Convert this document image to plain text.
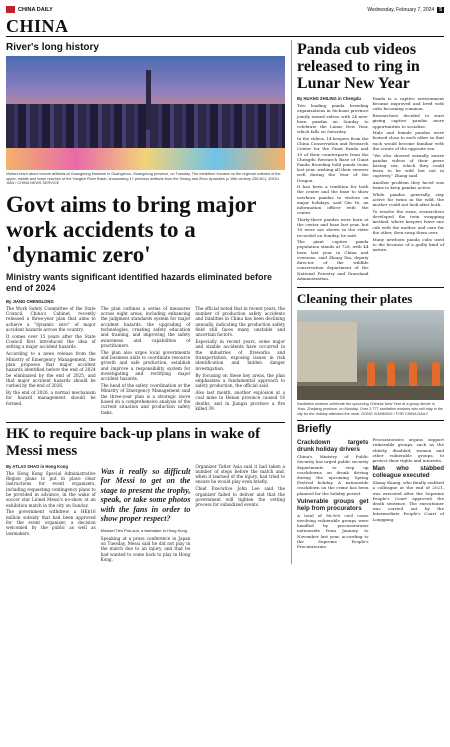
CHINA DAILY	Wednesday, February 7, 2024	5
CHINA
River's long history
Visitors learn about bronze artifacts at Guangdong Museum in Guangzhou, Guangdong province, on Tuesday. The exhibition focuses on the regional cultures of the upper, middle and lower reaches of the Yangtze River Basin, showcasing 17 precious artifacts from the Shang and Zhou dynasties (c 16th century-256 BC). ZHOU JIAN / CHINA NEWS SERVICE
Govt aims to bring major work accidents to a 'dynamic zero'
Ministry wants significant identified hazards eliminated before end of 2024
By JIANG CHENGLONG

The Work Safety Committee of the State Council, China's Cabinet, recently released a three-year plan that aims to achieve a "dynamic zero" of major accident hazards across the country.

It comes over 15 years after the State Council first introduced the idea of setting a major accident hazards.

According to a news release from the Ministry of Emergency Management, the plan proposes that major accident hazards identified before the end of 2024 be eliminated by the end of 2025, and that major accident hazards should be curbed by the end of 2026.

By the end of 2026, a normal mechanism for hazard management should be formed.

The plan outlines a series of measures across eight areas, including enhancing the judgment standards system for major accident hazards, the upgrading of technologies, creating safety education and training, and improving the safety awareness and capabilities of practitioners.

The plan also urges local governments and business units to coordinate resource growth and safe production, establish and improve a responsibility system for investigating and rectifying major accident hazards.

The head of the safety coordination at the Ministry of Emergency Management said the three-year plan is a strategic move based on a comprehensive analysis of the current situation and production safety tasks.

The official noted that in recent years, the number of production safety accidents and fatalities in China has been declining annually, indicating the production safety field still faces many unstable and uncertain factors.

Especially in recent years, some major and sizable accidents have occurred in the industries of fireworks and transportation, exposing issues in risk identification and hidden danger investigation.

By focusing on these key areas, the plan emphasizes a fundamental approach to safety production, the official said.

Also last month, another explosion at a coal mine in Henan province caused 16 deaths, and in Jiangxi province a fire killed 39.

HK to require back-up plans in wake of Messi mess
By ATLAS SHAO in Hong Kong

The Hong Kong Special Administrative Region plans to put in place clear instructions for event organizers, including requesting contingency plans to be provided in advance, in the wake of soccer star Lionel Messi's no-show at an exhibition match in the city on Sunday.

The government withdrew a HK$16 million subsidy that had been approved for the event organizer, a decision welcomed by the public as well as lawmakers.

Was it really so difficult for Messi to get on the stage to present the trophy, speak, or take some photos with the fans in order to show proper respect?
Michael Tien Puk-sun, a lawmaker in Hong Kong

Speaking at a press conference in Japan on Tuesday, Messi said he did not play in the match due to an injury, and that he had wanted to come back to play in Hong Kong.

Organizer Tatler Asia said it had taken a number of steps before the match and, when it learned of the injury, had tried to ensure he would play even briefly.

Chief Executive John Lee said the organizer failed to deliver and that the government will tighten the vetting process for subsidized events.

Panda cub videos released to ring in Lunar New Year
By HUANG ZHILING in Chengdu

Two leading panda breeding organizations in Sichuan province jointly issued videos with 24 new-born pandas on Sunday to celebrate the Lunar New Year, which falls on Saturday.

In the videos, 14 keepers from the China Conservation and Research Center for the Giant Panda and 10 of their counterparts from the Chengdu Research Base of Giant Panda Breeding hold panda twins last year, wishing all their viewers well during the Year of the Dragon.

It has been a tradition for both the center and the base to show newborn pandas to visitors on major holidays, said Qiu Ye, an information officer with the center.

Thirty-three pandas were born at the center and base last year, but 18 were not shown in the video recorded on Sunday, he said.

The giant captive panda population stands at 728, with 44 born last year in China and overseas, said Zhang Xin, deputy director of the wildlife conservation department of the National Forestry and Grassland Administration.

Panda is a captive environment became improved and bred with cubs becoming common.

Researchers decided to start giving captive pandas more opportunities to socialize.

Male and female pandas were housed close to each other so that each would become familiar with the scents of the opposite sex.

"We also showed sexually aware pandas videos of their peers having sex, which they could learn to be wild but not in captivity," Zhang said.

Another problem they faced was twins to keep pandas active.

While pandas generally stay active for twins in the wild, the mother could not look after both.

To resolve the issue, researchers developed the twin swapping method, where keepers leave one cub with the mother and care for the other, then swap them over.

Many newborn panda cubs used to die because of a guilty kind of nature.

Cleaning their plates
Sanitation workers celebrate the upcoming Chinese New Year at a group dinner in Yiwu, Zhejiang province, on Monday. Over 2,777 sanitation workers who will stay in the city for the holiday attended the meal. GONG XIANMING / FOR CHINA DAILY
Briefly
Crackdown targets drunk holiday drivers

China's Ministry of Public Security has urged public security departments to step up crackdowns on drunk driving during the upcoming Spring Festival holiday. A nationwide crackdown on the crime has been planned for the holiday period.

Vulnerable groups get help from procurators

A total of 96,000 civil cases involving vulnerable groups were handled by procuratorates nationwide from January to November last year, according to the Supreme People's Procuratorate.

Procuratorates organs support vulnerable groups, such as the elderly, disabled, women and other vulnerable groups, to protect their rights and interests.

Man who stabbed colleague executed

Zhang Kuang, who fatally stabbed a colleague at the end of 2021, was executed after the Supreme People's Court approved the death sentence. The executioner was carried out by the Intermediate People's Court of Longgang.
